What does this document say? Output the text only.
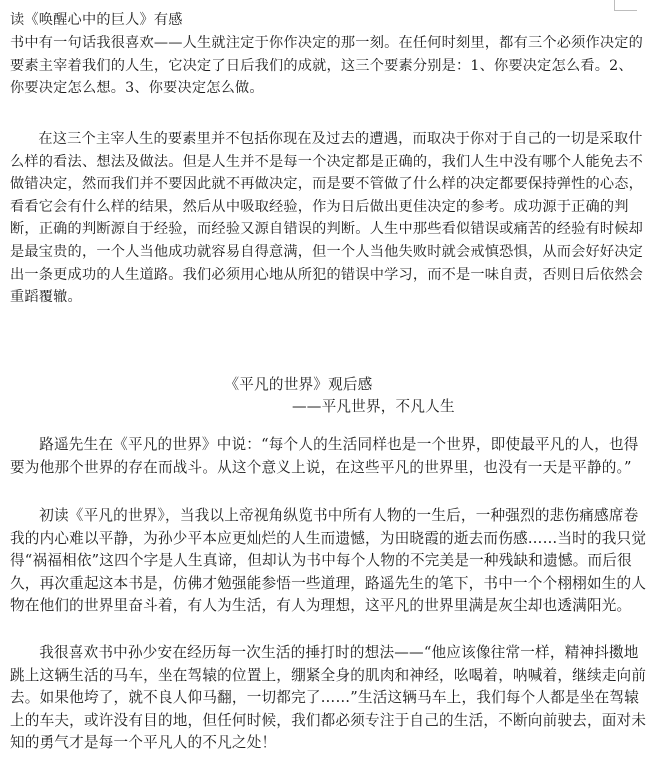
读《唤醒心中的巨人》有感

书中有一句话我很喜欢——人生就注定于你作决定的那一刻。在任何时刻里，都有三个必须作决定的要素主宰着我们的人生，它决定了日后我们的成就，这三个要素分别是：1、你要决定怎么看。2、你要决定怎么想。3、你要决定怎么做。

在这三个主宰人生的要素里并不包括你现在及过去的遭遇，而取决于你对于自己的一切是采取什么样的看法、想法及做法。但是人生并不是每一个决定都是正确的，我们人生中没有哪个人能免去不做错决定，然而我们并不要因此就不再做决定，而是要不管做了什么样的决定都要保持弹性的心态，看看它会有什么样的结果，然后从中吸取经验，作为日后做出更佳决定的参考。成功源于正确的判断，正确的判断源自于经验，而经验又源自错误的判断。人生中那些看似错误或痛苦的经验有时候却是最宝贵的，一个人当他成功就容易自得意满，但一个人当他失败时就会戒慎恐惧，从而会好好决定出一条更成功的人生道路。我们必须用心地从所犯的错误中学习，而不是一味自责，否则日后依然会重蹈覆辙。

《平凡的世界》观后感

——平凡世界，不凡人生

路遥先生在《平凡的世界》中说：“每个人的生活同样也是一个世界，即使最平凡的人，也得要为他那个世界的存在而战斗。从这个意义上说，在这些平凡的世界里，也没有一天是平静的。”

初读《平凡的世界》，当我以上帝视角纵览书中所有人物的一生后，一种强烈的悲伤痛感席卷我的内心难以平静，为孙少平本应更灿烂的人生而遗憾，为田晓霞的逝去而伤感……当时的我只觉得“祸福相依”这四个字是人生真谛，但却认为书中每个人物的不完美是一种残缺和遗憾。而后很久，再次重起这本书是，仿佛才勉强能参悟一些道理，路遥先生的笔下，书中一个个栩栩如生的人物在他们的世界里奋斗着，有人为生活，有人为理想，这平凡的世界里满是灰尘却也透满阳光。

我很喜欢书中孙少安在经历每一次生活的捶打时的想法——“他应该像往常一样，精神抖擞地跳上这辆生活的马车，坐在驾辕的位置上，绷紧全身的肌肉和神经，吆喝着，呐喊着，继续走向前去。如果他垮了，就不良人仰马翻，一切都完了……”生活这辆马车上，我们每个人都是坐在驾辕上的车夫，或许没有目的地，但任何时候，我们都必须专注于自己的生活，不断向前驶去，面对未知的勇气才是每一个平凡人的不凡之处！
